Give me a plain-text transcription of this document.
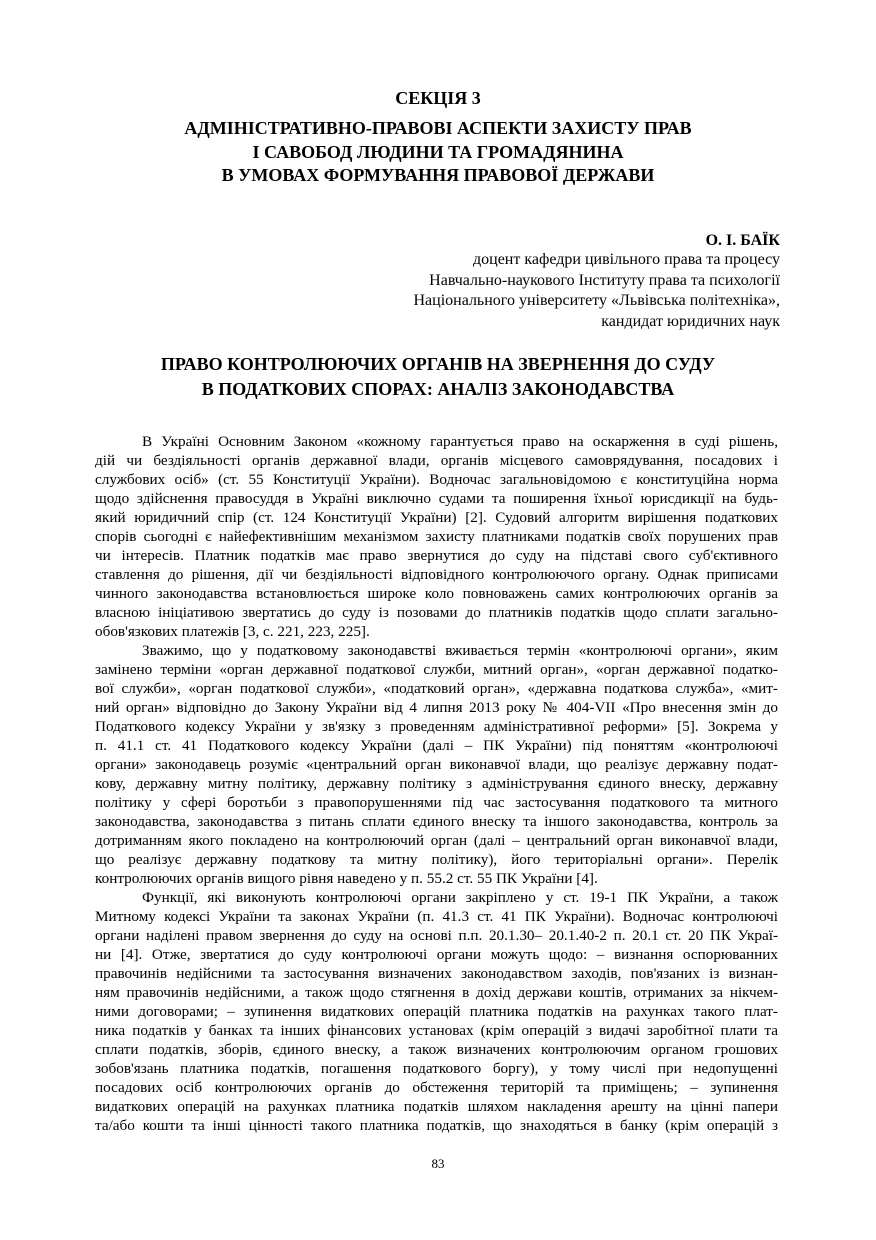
СЕКЦІЯ 3
АДМІНІСТРАТИВНО-ПРАВОВІ АСПЕКТИ ЗАХИСТУ ПРАВ
І САВОБОД ЛЮДИНИ ТА ГРОМАДЯНИНА
В УМОВАХ ФОРМУВАННЯ ПРАВОВОЇ ДЕРЖАВИ
О. І. БАЇК
доцент кафедри цивільного права та процесу
Навчально-наукового Інституту права та психології
Національного університету «Львівська політехніка»,
кандидат юридичних наук
ПРАВО КОНТРОЛЮЮЧИХ ОРГАНІВ НА ЗВЕРНЕННЯ ДО СУДУ
В ПОДАТКОВИХ СПОРАХ: АНАЛІЗ ЗАКОНОДАВСТВА
В Україні Основним Законом «кожному гарантується право на оскарження в суді рішень,
дій чи бездіяльності органів державної влади, органів місцевого самоврядування, посадових і
службових осіб» (ст. 55 Конституції України). Водночас загальновідомою є конституційна норма
щодо здійснення правосуддя в Україні виключно судами та поширення їхньої юрисдикції на будь-
який юридичний спір (ст. 124 Конституції України) [2]. Судовий алгоритм вирішення податкових
спорів сьогодні є найефективнішим механізмом захисту платниками податків своїх порушених прав
чи інтересів. Платник податків має право звернутися до суду на підставі свого суб'єктивного
ставлення до рішення, дії чи бездіяльності відповідного контролюючого органу. Однак приписами
чинного законодавства встановлюється широке коло повноважень самих контролюючих органів за
власною ініціативою звертатись до суду із позовами до платників податків щодо сплати загально-
обов'язкових платежів [3, с. 221, 223, 225].
Зважимо, що у податковому законодавстві вживається термін «контролюючі органи», яким
замінено терміни «орган державної податкової служби, митний орган», «орган державної податко-
вої служби», «орган податкової служби», «податковий орган», «державна податкова служба», «мит-
ний орган» відповідно до Закону України від 4 липня 2013 року № 404-VII «Про внесення змін до
Податкового кодексу України у зв'язку з проведенням адміністративної реформи» [5]. Зокрема у
п. 41.1 ст. 41 Податкового кодексу України (далі – ПК України) під поняттям «контролюючі
органи» законодавець розуміє «центральний орган виконавчої влади, що реалізує державну подат-
кову, державну митну політику, державну політику з адміністрування єдиного внеску, державну
політику у сфері боротьби з правопорушеннями під час застосування податкового та митного
законодавства, законодавства з питань сплати єдиного внеску та іншого законодавства, контроль за
дотриманням якого покладено на контролюючий орган (далі – центральний орган виконавчої влади,
що реалізує державну податкову та митну політику), його територіальні органи». Перелік
контролюючих органів вищого рівня наведено у п. 55.2 ст. 55 ПК України [4].
Функції, які виконують контролюючі органи закріплено у ст. 19-1 ПК України, а також
Митному кодексі України та законах України (п. 41.3 ст. 41 ПК України). Водночас контролюючі
органи наділені правом звернення до суду на основі п.п. 20.1.30– 20.1.40-2 п. 20.1 ст. 20 ПК Украї-
ни [4]. Отже, звертатися до суду контролюючі органи можуть щодо: – визнання оспорюванних
правочинів недійсними та застосування визначених законодавством заходів, пов'язаних із визнан-
ням правочинів недійсними, а також щодо стягнення в дохід держави коштів, отриманих за нікчем-
ними договорами; – зупинення видаткових операцій платника податків на рахунках такого плат-
ника податків у банках та інших фінансових установах (крім операцій з видачі заробітної плати та
сплати податків, зборів, єдиного внеску, а також визначених контролюючим органом грошових
зобов'язань платника податків, погашення податкового боргу), у тому числі при недопущенні
посадових осіб контролюючих органів до обстеження територій та приміщень; – зупинення
видаткових операцій на рахунках платника податків шляхом накладення арешту на цінні папери
та/або кошти та інші цінності такого платника податків, що знаходяться в банку (крім операцій з
83
